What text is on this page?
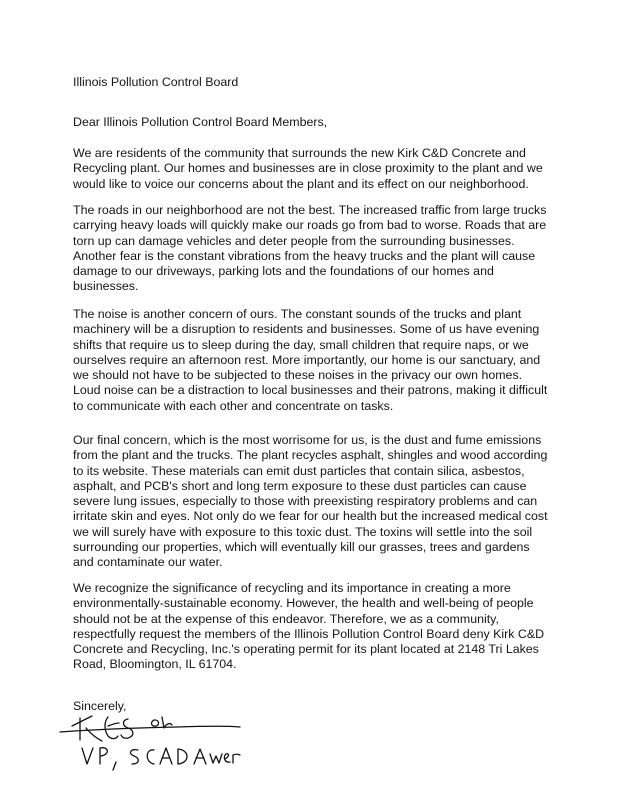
Illinois Pollution Control Board

Dear Illinois Pollution Control Board Members,

We are residents of the community that surrounds the new Kirk C&D Concrete and Recycling plant. Our homes and businesses are in close proximity to the plant and we would like to voice our concerns about the plant and its effect on our neighborhood.

The roads in our neighborhood are not the best. The increased traffic from large trucks carrying heavy loads will quickly make our roads go from bad to worse. Roads that are torn up can damage vehicles and deter people from the surrounding businesses. Another fear is the constant vibrations from the heavy trucks and the plant will cause damage to our driveways, parking lots and the foundations of our homes and businesses.

The noise is another concern of ours. The constant sounds of the trucks and plant machinery will be a disruption to residents and businesses. Some of us have evening shifts that require us to sleep during the day, small children that require naps, or we ourselves require an afternoon rest. More importantly, our home is our sanctuary, and we should not have to be subjected to these noises in the privacy our own homes. Loud noise can be a distraction to local businesses and their patrons, making it difficult to communicate with each other and concentrate on tasks.

Our final concern, which is the most worrisome for us, is the dust and fume emissions from the plant and the trucks. The plant recycles asphalt, shingles and wood according to its website. These materials can emit dust particles that contain silica, asbestos, asphalt, and PCB's short and long term exposure to these dust particles can cause severe lung issues, especially to those with preexisting respiratory problems and can irritate skin and eyes. Not only do we fear for our health but the increased medical cost we will surely have with exposure to this toxic dust. The toxins will settle into the soil surrounding our properties, which will eventually kill our grasses, trees and gardens and contaminate our water.

We recognize the significance of recycling and its importance in creating a more environmentally-sustainable economy. However, the health and well-being of people should not be at the expense of this endeavor. Therefore, we as a community, respectfully request the members of the Illinois Pollution Control Board deny Kirk C&D Concrete and Recycling, Inc.'s operating permit for its plant located at 2148 Tri Lakes Road, Bloomington, IL 61704.

Sincerely,
